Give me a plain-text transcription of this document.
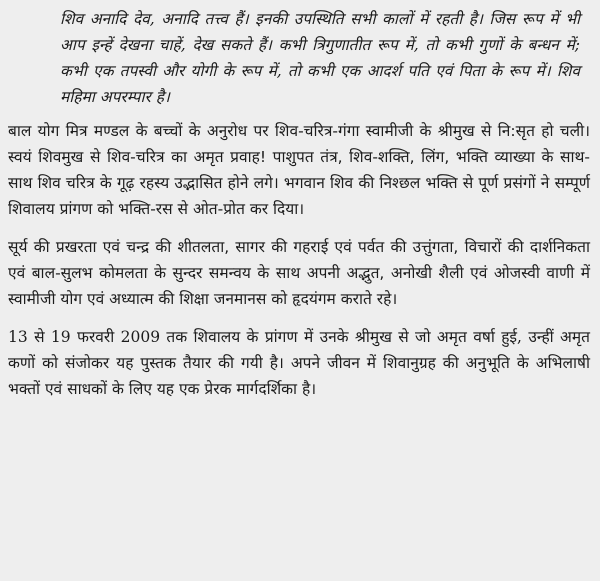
शिव अनादि देव, अनादि तत्त्व हैं। इनकी उपस्थिति सभी कालों में रहती है। जिस रूप में भी आप इन्हें देखना चाहें, देख सकते हैं। कभी त्रिगुणातीत रूप में, तो कभी गुणों के बन्धन में; कभी एक तपस्वी और योगी के रूप में, तो कभी एक आदर्श पति एवं पिता के रूप में। शिव महिमा अपरम्पार है।

बाल योग मित्र मण्डल के बच्चों के अनुरोध पर शिव-चरित्र-गंगा स्वामीजी के श्रीमुख से नि:सृत हो चली। स्वयं शिवमुख से शिव-चरित्र का अमृत प्रवाह! पाशुपत तंत्र, शिव-शक्ति, लिंग, भक्ति व्याख्या के साथ-साथ शिव चरित्र के गूढ़ रहस्य उद्भासित होने लगे। भगवान शिव की निश्छल भक्ति से पूर्ण प्रसंगों ने सम्पूर्ण शिवालय प्रांगण को भक्ति-रस से ओत-प्रोत कर दिया।

सूर्य की प्रखरता एवं चन्द्र की शीतलता, सागर की गहराई एवं पर्वत की उत्तुंगता, विचारों की दार्शनिकता एवं बाल-सुलभ कोमलता के सुन्दर समन्वय के साथ अपनी अद्भुत, अनोखी शैली एवं ओजस्वी वाणी में स्वामीजी योग एवं अध्यात्म की शिक्षा जनमानस को हृदयंगम कराते रहे।

13 से 19 फरवरी 2009 तक शिवालय के प्रांगण में उनके श्रीमुख से जो अमृत वर्षा हुई, उन्हीं अमृत कणों को संजोकर यह पुस्तक तैयार की गयी है। अपने जीवन में शिवानुग्रह की अनुभूति के अभिलाषी भक्तों एवं साधकों के लिए यह एक प्रेरक मार्गदर्शिका है।
